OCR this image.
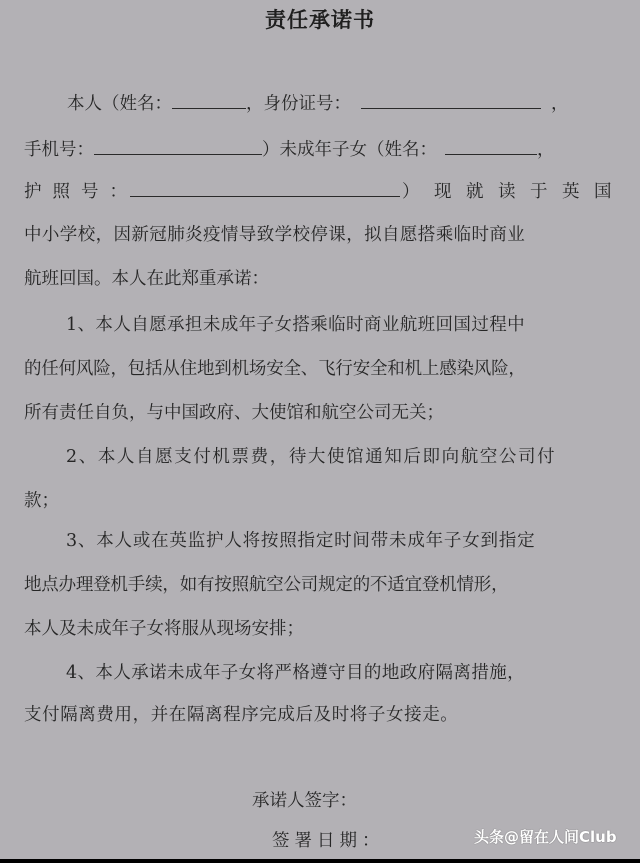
责任承诺书
本人（姓名：	，身份证号：	，
手机号：	）未成年子女（姓名：	，
护照号：	）现就读于英国
中小学校，因新冠肺炎疫情导致学校停课，拟自愿搭乘临时商业
航班回国。本人在此郑重承诺：
1、本人自愿承担未成年子女搭乘临时商业航班回国过程中
的任何风险，包括从住地到机场安全、飞行安全和机上感染风险，
所有责任自负，与中国政府、大使馆和航空公司无关；
2、本人自愿支付机票费，待大使馆通知后即向航空公司付
款；
3、本人或在英监护人将按照指定时间带未成年子女到指定
地点办理登机手续，如有按照航空公司规定的不适宜登机情形，
本人及未成年子女将服从现场安排；
4、本人承诺未成年子女将严格遵守目的地政府隔离措施，
支付隔离费用，并在隔离程序完成后及时将子女接走。
承诺人签字：
签署日期：	头条@留在人间Club
